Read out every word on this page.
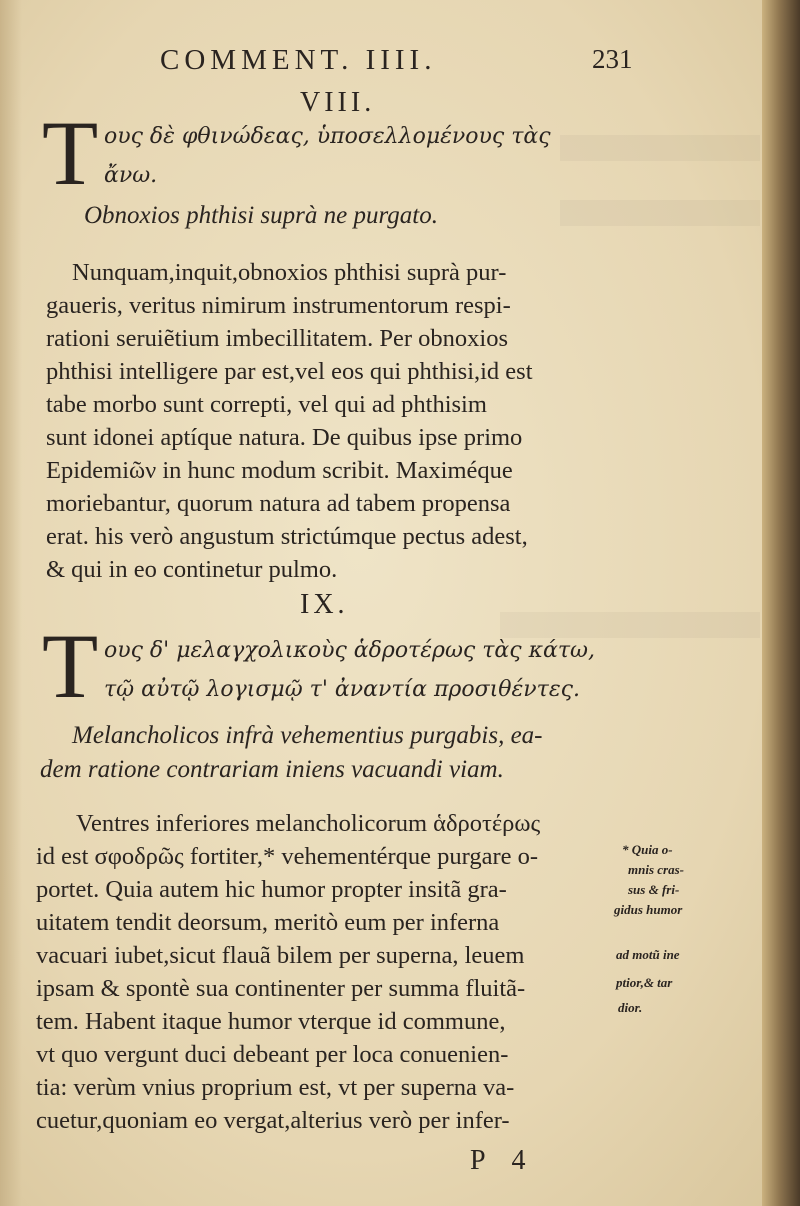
COMMENT. IIII.	231
VIII.
T ους δὲ φθινώδεας, ὑποσελλομένους τὰς
ἄνω.
Obnoxios phthisi suprà ne purgato.
Nunquam,inquit,obnoxios phthisi suprà pur-
gaueris, veritus nimirum instrumentorum respi-
rationi seruiẽtium imbecillitatem. Per obnoxios
phthisi intelligere par est,vel eos qui phthisi,id est
tabe morbo sunt correpti, vel qui ad phthisim
sunt idonei aptíque natura. De quibus ipse primo
Epidemiῶν in hunc modum scribit. Maximéque
moriebantur, quorum natura ad tabem propensa
erat. his verò angustum strictúmque pectus adest,
& qui in eo continetur pulmo.
IX.
T ους δ' μελαγχολικοὺς ἁδροτέρως τὰς κάτω,
τῷ αὐτῷ λογισμῷ τ' ἀναντία προσιθέντες.
Melancholicos infrà vehementius purgabis, ea-
dem ratione contrariam iniens vacuandi viam.
Ventres inferiores melancholicorum ἁδροτέρως
id est σφοδρῶς fortiter,* vehementérque purgare o-
portet. Quia autem hic humor propter insitã gra-
uitatem tendit deorsum, meritò eum per inferna
vacuari iubet,sicut flauã bilem per superna, leuem
ipsam & spontè sua continenter per summa fluitã-
tem. Habent itaque humor vterque id commune,
vt quo vergunt duci debeant per loca conuenien-
tia: verùm vnius proprium est, vt per superna va-
cuetur,quoniam eo vergat,alterius verò per infer-
* Quia o-
mnis cras-
sus & fri-
gidus humor
ad motũ ine
ptior,& tar
dior.
P 4
